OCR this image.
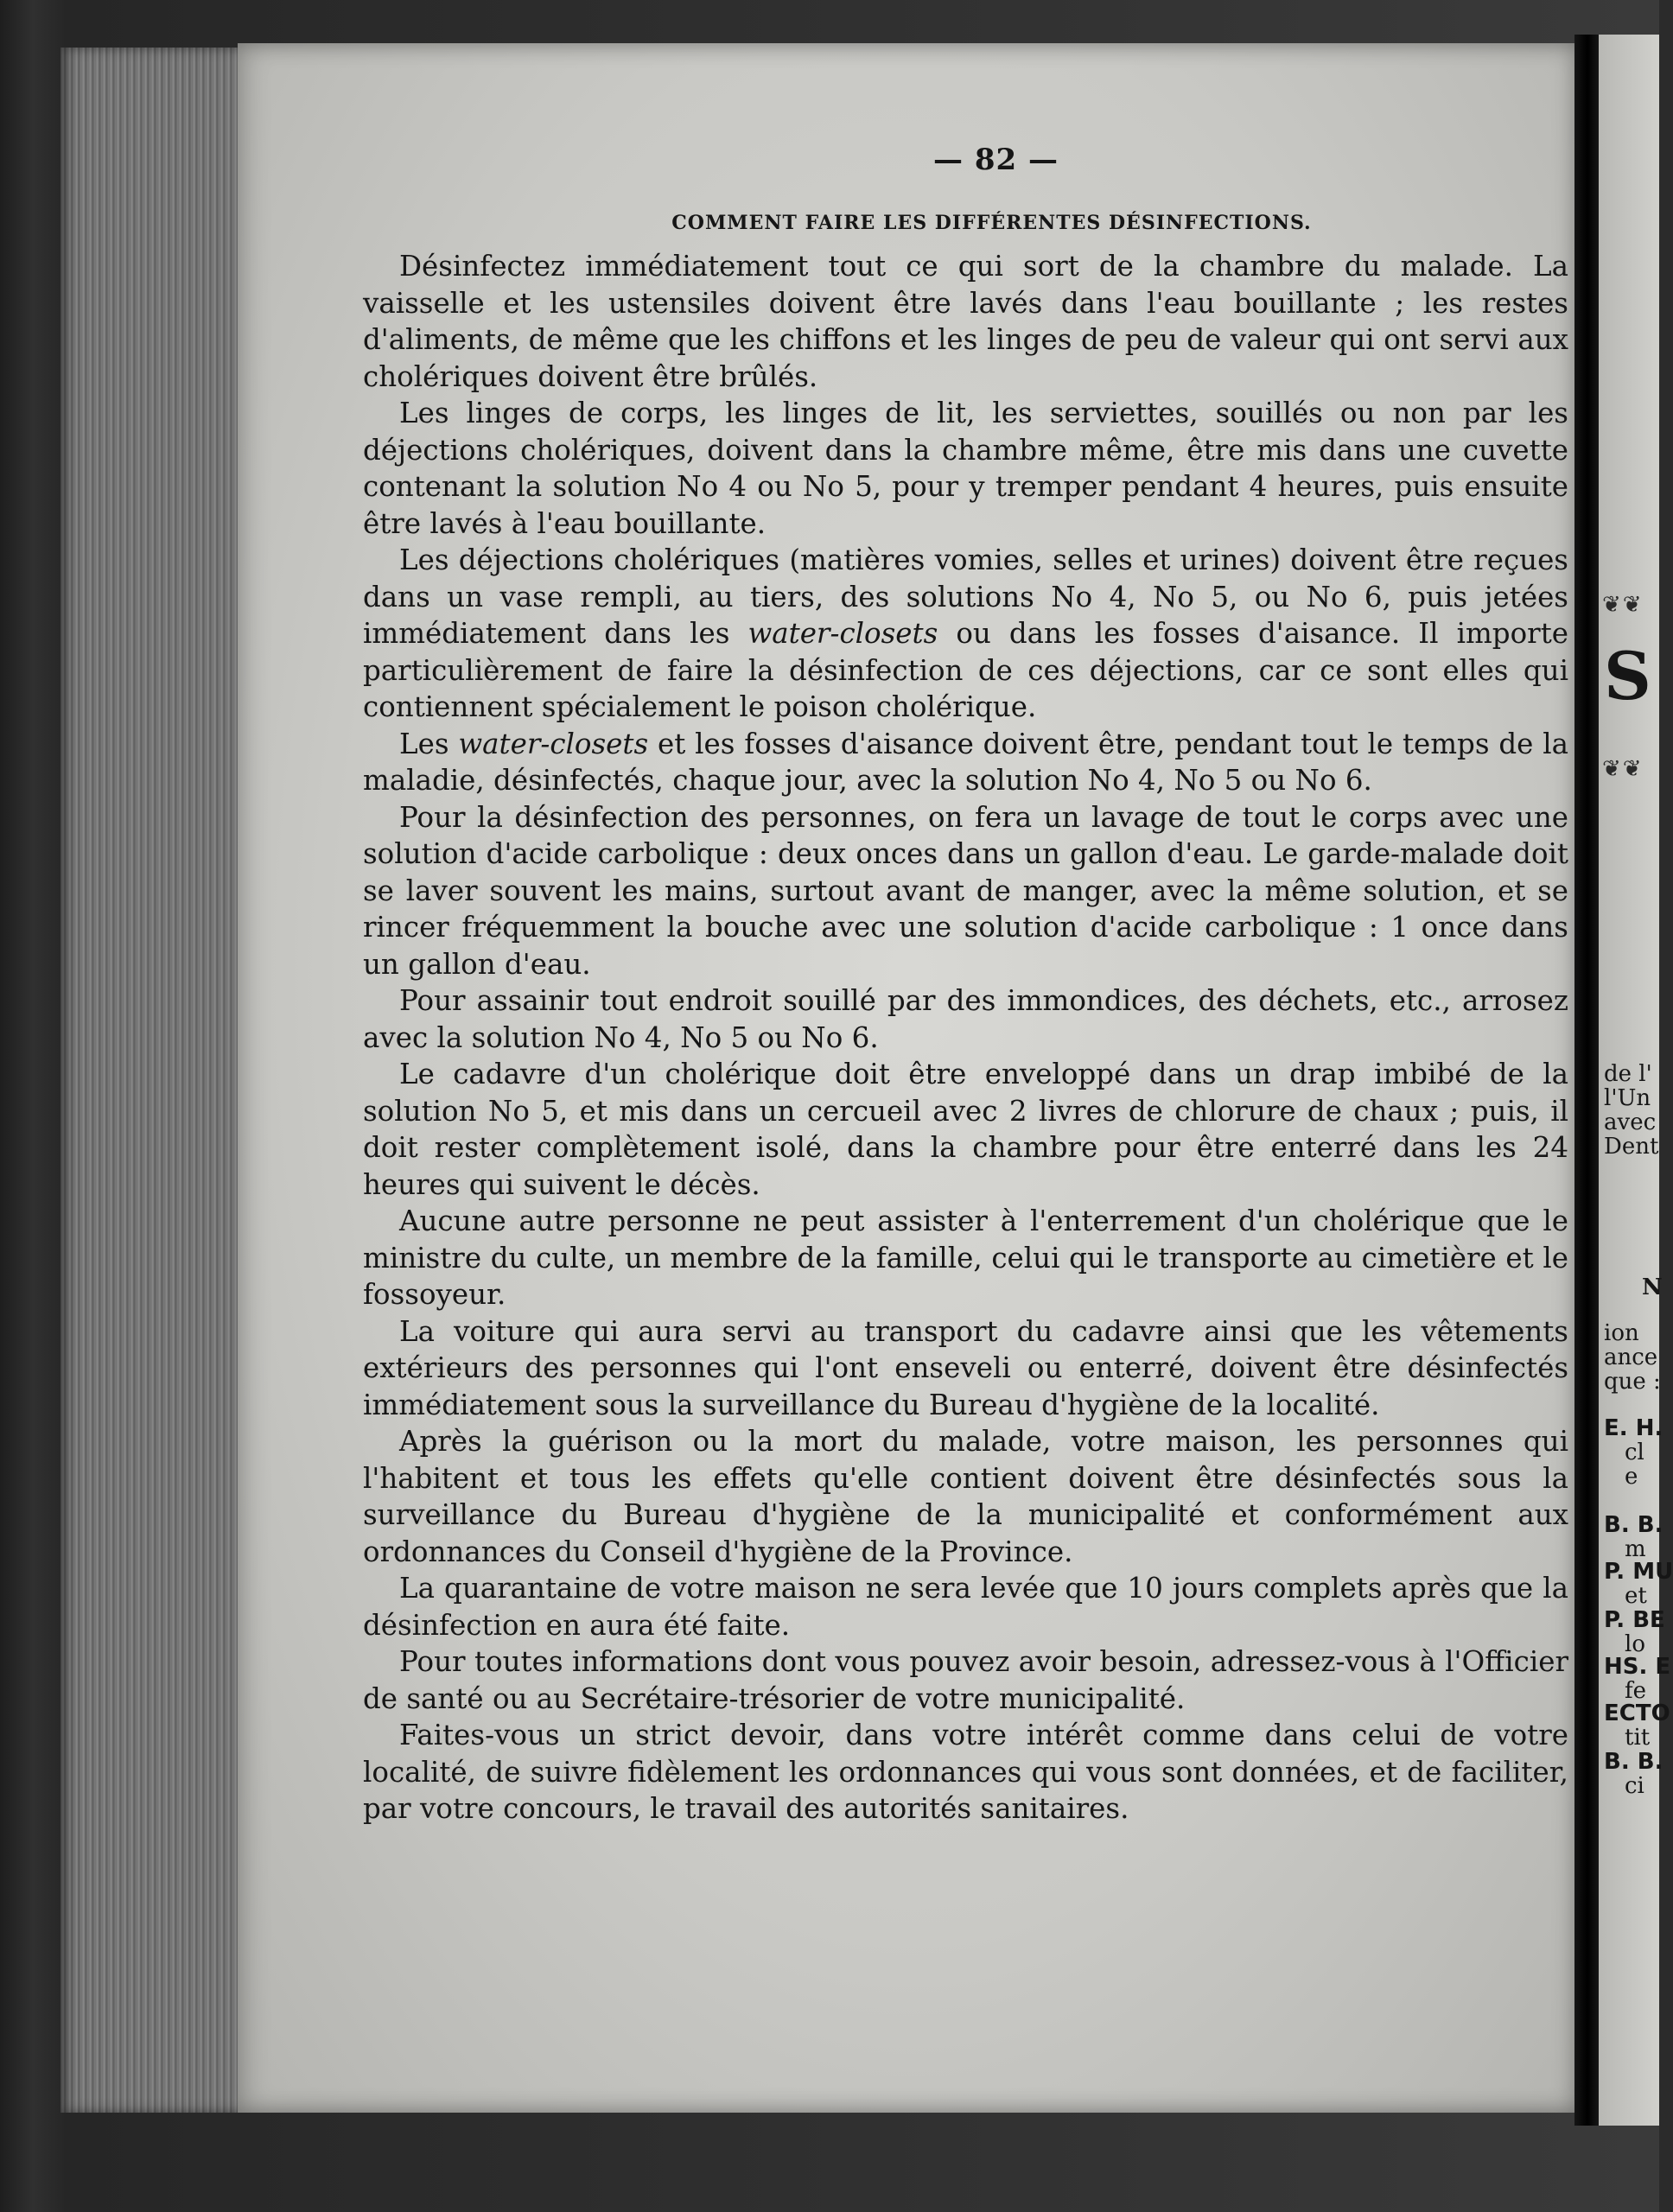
— 82 —
COMMENT FAIRE LES DIFFÉRENTES DÉSINFECTIONS.

Désinfectez immédiatement tout ce qui sort de la chambre du malade. La vaisselle et les ustensiles doivent être lavés dans l'eau bouillante ; les restes d'aliments, de même que les chiffons et les linges de peu de valeur qui ont servi aux cholériques doivent être brûlés.

Les linges de corps, les linges de lit, les serviettes, souillés ou non par les déjections cholériques, doivent dans la chambre même, être mis dans une cuvette contenant la solution No 4 ou No 5, pour y tremper pendant 4 heures, puis ensuite être lavés à l'eau bouillante.

Les déjections cholériques (matières vomies, selles et urines) doivent être reçues dans un vase rempli, au tiers, des solutions No 4, No 5, ou No 6, puis jetées immédiatement dans les water-closets ou dans les fosses d'aisance. Il importe particulièrement de faire la désinfection de ces déjections, car ce sont elles qui contiennent spécialement le poison cholérique.

Les water-closets et les fosses d'aisance doivent être, pendant tout le temps de la maladie, désinfectés, chaque jour, avec la solution No 4, No 5 ou No 6.

Pour la désinfection des personnes, on fera un lavage de tout le corps avec une solution d'acide carbolique : deux onces dans un gallon d'eau. Le garde-malade doit se laver souvent les mains, surtout avant de manger, avec la même solution, et se rincer fréquemment la bouche avec une solution d'acide carbolique : 1 once dans un gallon d'eau.

Pour assainir tout endroit souillé par des immondices, des déchets, etc., arrosez avec la solution No 4, No 5 ou No 6.

Le cadavre d'un cholérique doit être enveloppé dans un drap imbibé de la solution No 5, et mis dans un cercueil avec 2 livres de chlorure de chaux ; puis, il doit rester complètement isolé, dans la chambre pour être enterré dans les 24 heures qui suivent le décès.

Aucune autre personne ne peut assister à l'enterrement d'un cholérique que le ministre du culte, un membre de la famille, celui qui le transporte au cimetière et le fossoyeur.

La voiture qui aura servi au transport du cadavre ainsi que les vêtements extérieurs des personnes qui l'ont enseveli ou enterré, doivent être désinfectés immédiatement sous la surveillance du Bureau d'hygiène de la localité.

Après la guérison ou la mort du malade, votre maison, les personnes qui l'habitent et tous les effets qu'elle contient doivent être désinfectés sous la surveillance du Bureau d'hygiène de la municipalité et conformément aux ordonnances du Conseil d'hygiène de la Province.

La quarantaine de votre maison ne sera levée que 10 jours complets après que la désinfection en aura été faite.

Pour toutes informations dont vous pouvez avoir besoin, adressez-vous à l'Officier de santé ou au Secrétaire-trésorier de votre municipalité.

Faites-vous un strict devoir, dans votre intérêt comme dans celui de votre localité, de suivre fidèlement les ordonnances qui vous sont données, et de faciliter, par votre concours, le travail des autorités sanitaires.

❦❦
S
❦❦
de l'
l'Un
avec
Dent
N
ion
ance
que :
E. H.
cl
e
B. B.
m
P. MU
et
P. BE
lo
HS. E
fe
ECTO
tit
B. B.
ci
